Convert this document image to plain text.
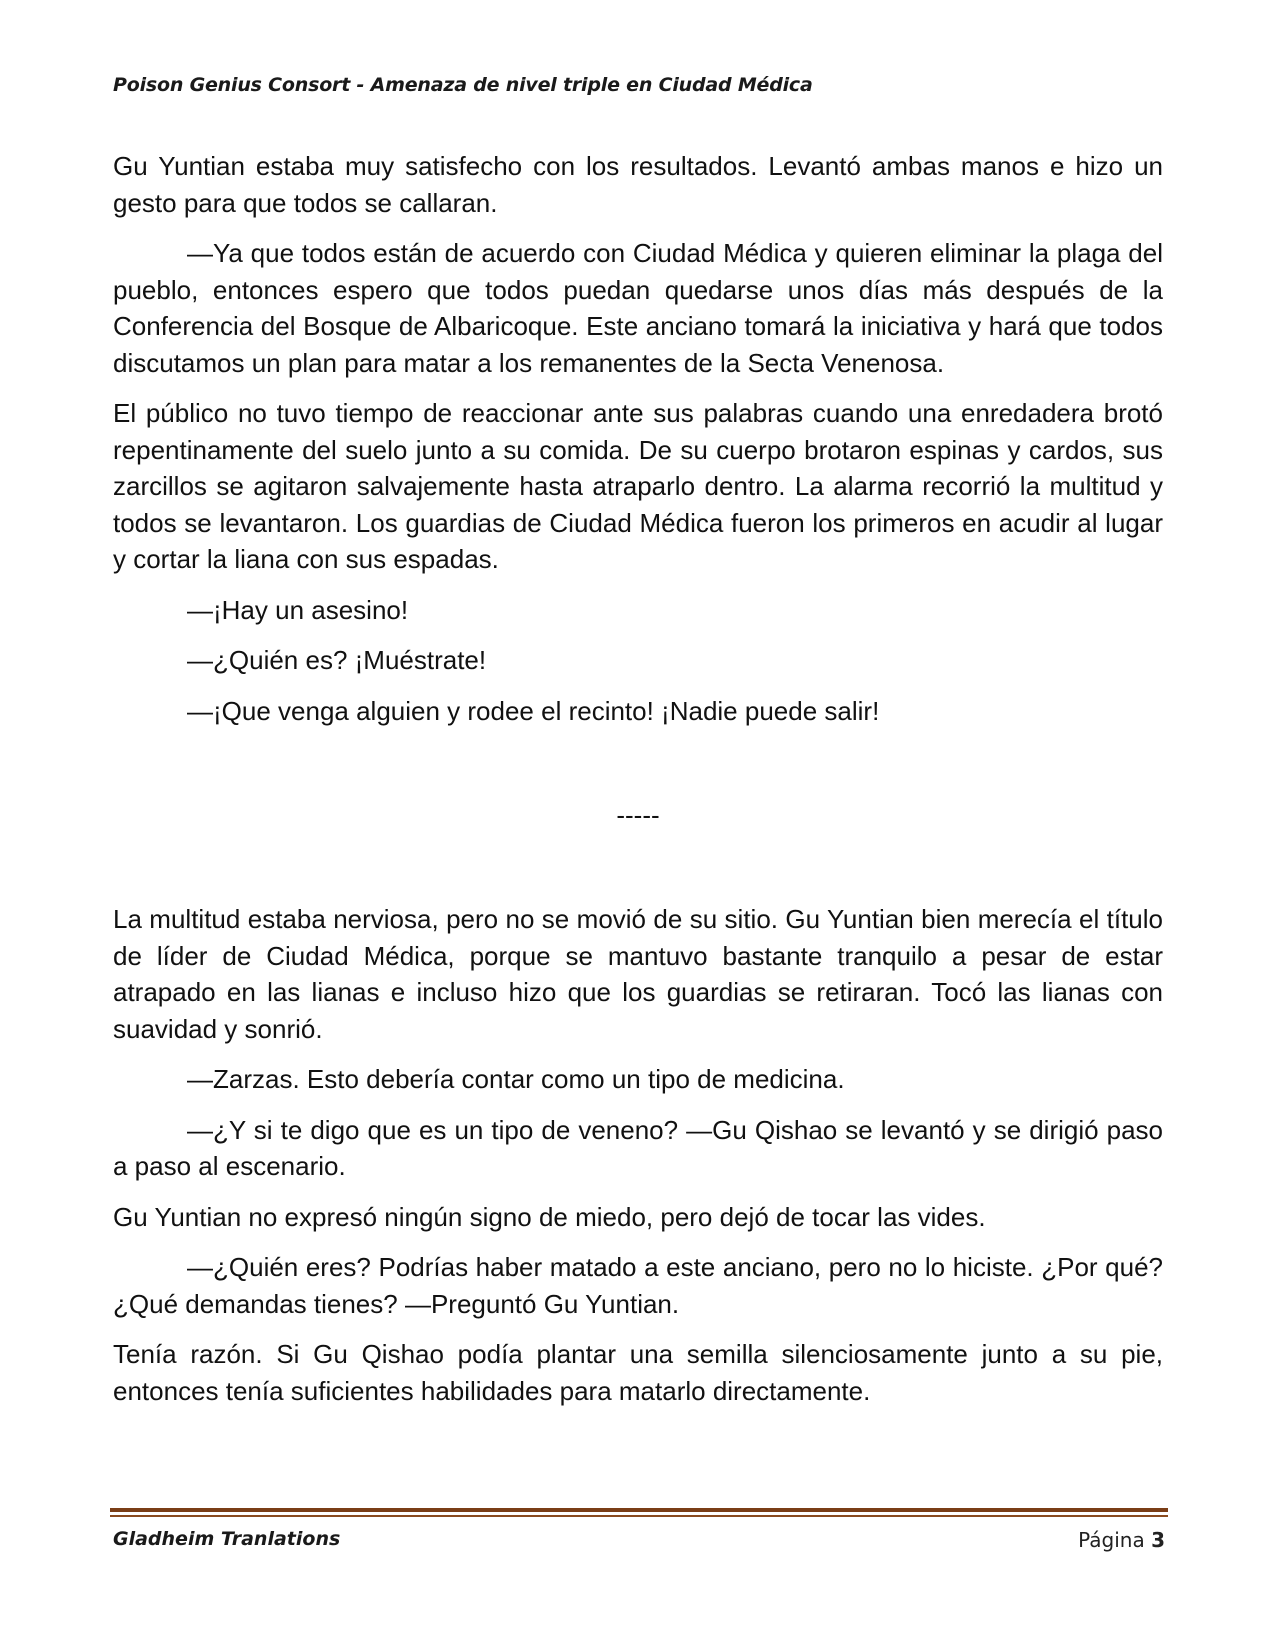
Poison Genius Consort - Amenaza de nivel triple en Ciudad Médica

Gu Yuntian estaba muy satisfecho con los resultados. Levantó ambas manos e hizo un gesto para que todos se callaran.

—Ya que todos están de acuerdo con Ciudad Médica y quieren eliminar la plaga del pueblo, entonces espero que todos puedan quedarse unos días más después de la Conferencia del Bosque de Albaricoque. Este anciano tomará la iniciativa y hará que todos discutamos un plan para matar a los remanentes de la Secta Venenosa.

El público no tuvo tiempo de reaccionar ante sus palabras cuando una enredadera brotó repentinamente del suelo junto a su comida. De su cuerpo brotaron espinas y cardos, sus zarcillos se agitaron salvajemente hasta atraparlo dentro. La alarma recorrió la multitud y todos se levantaron. Los guardias de Ciudad Médica fueron los primeros en acudir al lugar y cortar la liana con sus espadas.

—¡Hay un asesino!

—¿Quién es? ¡Muéstrate!

—¡Que venga alguien y rodee el recinto! ¡Nadie puede salir!

-----

La multitud estaba nerviosa, pero no se movió de su sitio. Gu Yuntian bien merecía el título de líder de Ciudad Médica, porque se mantuvo bastante tranquilo a pesar de estar atrapado en las lianas e incluso hizo que los guardias se retiraran. Tocó las lianas con suavidad y sonrió.

—Zarzas. Esto debería contar como un tipo de medicina.

—¿Y si te digo que es un tipo de veneno? —Gu Qishao se levantó y se dirigió paso a paso al escenario.

Gu Yuntian no expresó ningún signo de miedo, pero dejó de tocar las vides.

—¿Quién eres? Podrías haber matado a este anciano, pero no lo hiciste. ¿Por qué? ¿Qué demandas tienes? —Preguntó Gu Yuntian.

Tenía razón. Si Gu Qishao podía plantar una semilla silenciosamente junto a su pie, entonces tenía suficientes habilidades para matarlo directamente.

Gladheim Tranlations	Página 3
